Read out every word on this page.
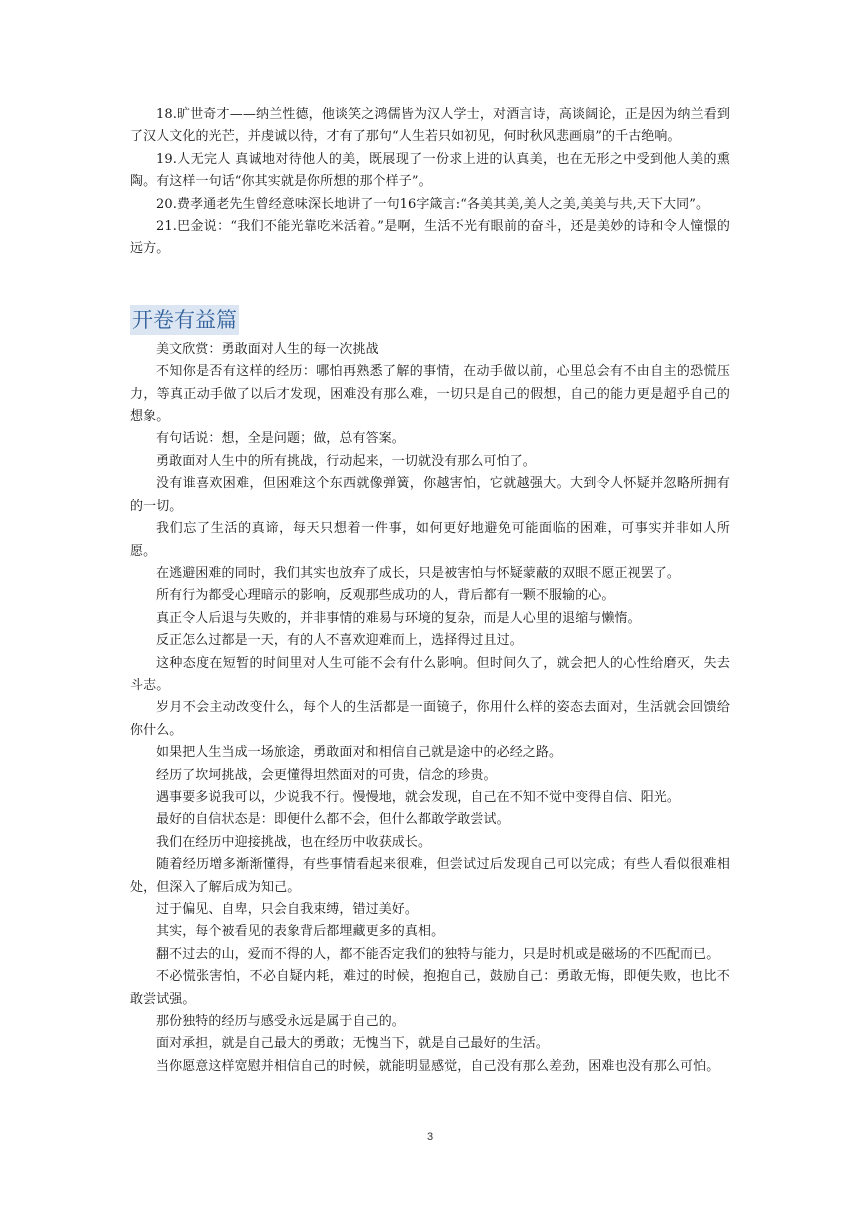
18.旷世奇才——纳兰性德，他谈笑之鸿儒皆为汉人学士，对酒言诗，高谈阔论，正是因为纳兰看到了汉人文化的光芒，并虔诚以待，才有了那句“人生若只如初见，何时秋风悲画扇”的千古绝响。

19.人无完人 真诚地对待他人的美，既展现了一份求上进的认真美，也在无形之中受到他人美的熏陶。有这样一句话“你其实就是你所想的那个样子”。

20.费孝通老先生曾经意味深长地讲了一句16字箴言:“各美其美,美人之美,美美与共,天下大同”。

21.巴金说：“我们不能光靠吃米活着。”是啊，生活不光有眼前的奋斗，还是美妙的诗和令人憧憬的远方。

开卷有益篇

美文欣赏：勇敢面对人生的每一次挑战

不知你是否有这样的经历：哪怕再熟悉了解的事情，在动手做以前，心里总会有不由自主的恐慌压力，等真正动手做了以后才发现，困难没有那么难，一切只是自己的假想，自己的能力更是超乎自己的想象。

有句话说：想，全是问题；做，总有答案。

勇敢面对人生中的所有挑战，行动起来，一切就没有那么可怕了。

没有谁喜欢困难，但困难这个东西就像弹簧，你越害怕，它就越强大。大到令人怀疑并忽略所拥有的一切。

我们忘了生活的真谛，每天只想着一件事，如何更好地避免可能面临的困难，可事实并非如人所愿。

在逃避困难的同时，我们其实也放弃了成长，只是被害怕与怀疑蒙蔽的双眼不愿正视罢了。

所有行为都受心理暗示的影响，反观那些成功的人，背后都有一颗不服输的心。

真正令人后退与失败的，并非事情的难易与环境的复杂，而是人心里的退缩与懒惰。

反正怎么过都是一天，有的人不喜欢迎难而上，选择得过且过。

这种态度在短暂的时间里对人生可能不会有什么影响。但时间久了，就会把人的心性给磨灭，失去斗志。

岁月不会主动改变什么，每个人的生活都是一面镜子，你用什么样的姿态去面对，生活就会回馈给你什么。

如果把人生当成一场旅途，勇敢面对和相信自己就是途中的必经之路。

经历了坎坷挑战，会更懂得坦然面对的可贵，信念的珍贵。

遇事要多说我可以，少说我不行。慢慢地，就会发现，自己在不知不觉中变得自信、阳光。

最好的自信状态是：即便什么都不会，但什么都敢学敢尝试。

我们在经历中迎接挑战，也在经历中收获成长。

随着经历增多渐渐懂得，有些事情看起来很难，但尝试过后发现自己可以完成；有些人看似很难相处，但深入了解后成为知己。

过于偏见、自卑，只会自我束缚，错过美好。

其实，每个被看见的表象背后都埋藏更多的真相。

翻不过去的山，爱而不得的人，都不能否定我们的独特与能力，只是时机或是磁场的不匹配而已。

不必慌张害怕，不必自疑内耗，难过的时候，抱抱自己，鼓励自己：勇敢无悔，即便失败，也比不敢尝试强。

那份独特的经历与感受永远是属于自己的。

面对承担，就是自己最大的勇敢；无愧当下，就是自己最好的生活。

当你愿意这样宽慰并相信自己的时候，就能明显感觉，自己没有那么差劲，困难也没有那么可怕。

3
